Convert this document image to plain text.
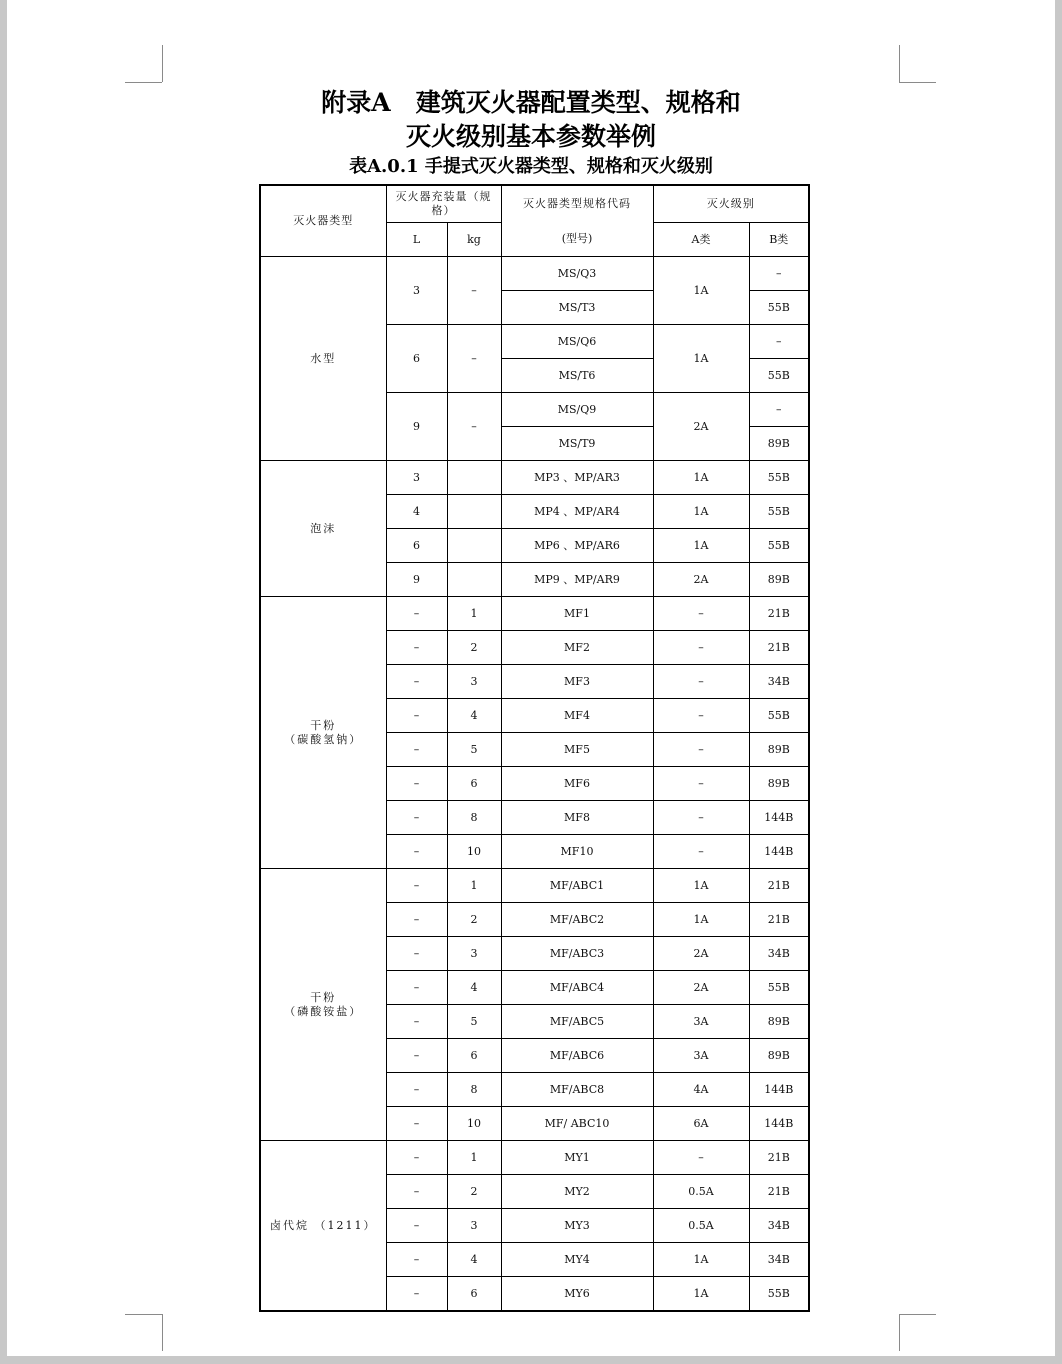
附录A　建筑灭火器配置类型、规格和
灭火级别基本参数举例
表A.0.1 手提式灭火器类型、规格和灭火级别
灭火器类型	灭火器充装量（规格）		灭火器类型规格代码	灭火级别	
	L	kg	(型号)	A类	B类

水型	3	–	MS/Q3	1A	–
			MS/T3		55B
	6	–	MS/Q6	1A	–
			MS/T6		55B
	9	–	MS/Q9	2A	–
			MS/T9		89B

泡沫	3		MP3 、MP/AR3	1A	55B
	4		MP4 、MP/AR4	1A	55B
	6		MP6 、MP/AR6	1A	55B
	9		MP9 、MP/AR9	2A	89B

干粉
（碳酸氢钠）	–	1	MF1	–	21B
	–	2	MF2	–	21B
	–	3	MF3	–	34B
	–	4	MF4	–	55B
	–	5	MF5	–	89B
	–	6	MF6	–	89B
	–	8	MF8	–	144B
	–	10	MF10	–	144B

干粉
（磷酸铵盐）	–	1	MF/ABC1	1A	21B
	–	2	MF/ABC2	1A	21B
	–	3	MF/ABC3	2A	34B
	–	4	MF/ABC4	2A	55B
	–	5	MF/ABC5	3A	89B
	–	6	MF/ABC6	3A	89B
	–	8	MF/ABC8	4A	144B
	–	10	MF/ ABC10	6A	144B

卤代烷 （1211）	–	1	MY1	–	21B
	–	2	MY2	0.5A	21B
	–	3	MY3	0.5A	34B
	–	4	MY4	1A	34B
	–	6	MY6	1A	55B
